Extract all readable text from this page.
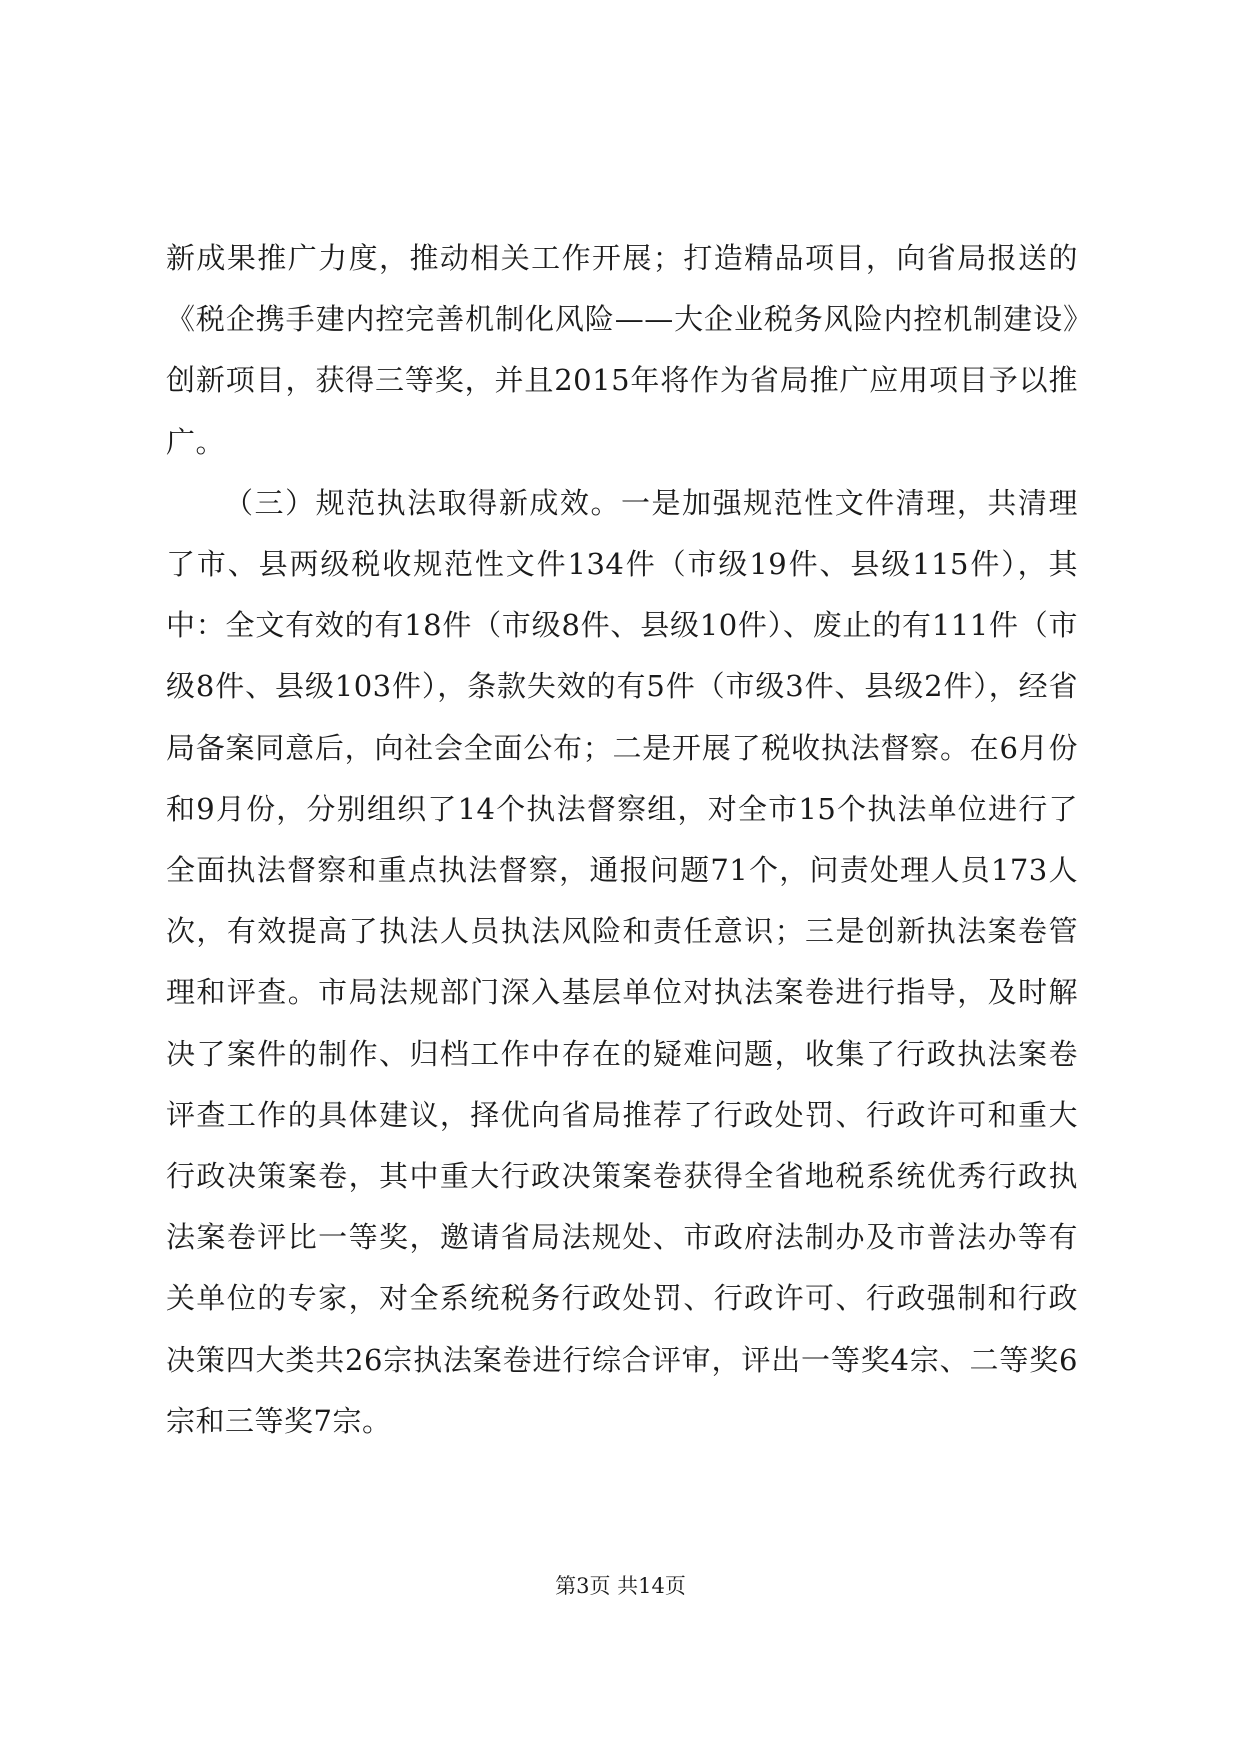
新成果推广力度，推动相关工作开展；打造精品项目，向省局报送的《税企携手建内控完善机制化风险——大企业税务风险内控机制建设》创新项目，获得三等奖，并且2015年将作为省局推广应用项目予以推广。

（三）规范执法取得新成效。一是加强规范性文件清理，共清理了市、县两级税收规范性文件134件（市级19件、县级115件），其中：全文有效的有18件（市级8件、县级10件）、废止的有111件（市级8件、县级103件），条款失效的有5件（市级3件、县级2件），经省局备案同意后，向社会全面公布；二是开展了税收执法督察。在6月份和9月份，分别组织了14个执法督察组，对全市15个执法单位进行了全面执法督察和重点执法督察，通报问题71个，问责处理人员173人次，有效提高了执法人员执法风险和责任意识；三是创新执法案卷管理和评查。市局法规部门深入基层单位对执法案卷进行指导，及时解决了案件的制作、归档工作中存在的疑难问题，收集了行政执法案卷评查工作的具体建议，择优向省局推荐了行政处罚、行政许可和重大行政决策案卷，其中重大行政决策案卷获得全省地税系统优秀行政执法案卷评比一等奖，邀请省局法规处、市政府法制办及市普法办等有关单位的专家，对全系统税务行政处罚、行政许可、行政强制和行政决策四大类共26宗执法案卷进行综合评审，评出一等奖4宗、二等奖6宗和三等奖7宗。

第3页 共14页
